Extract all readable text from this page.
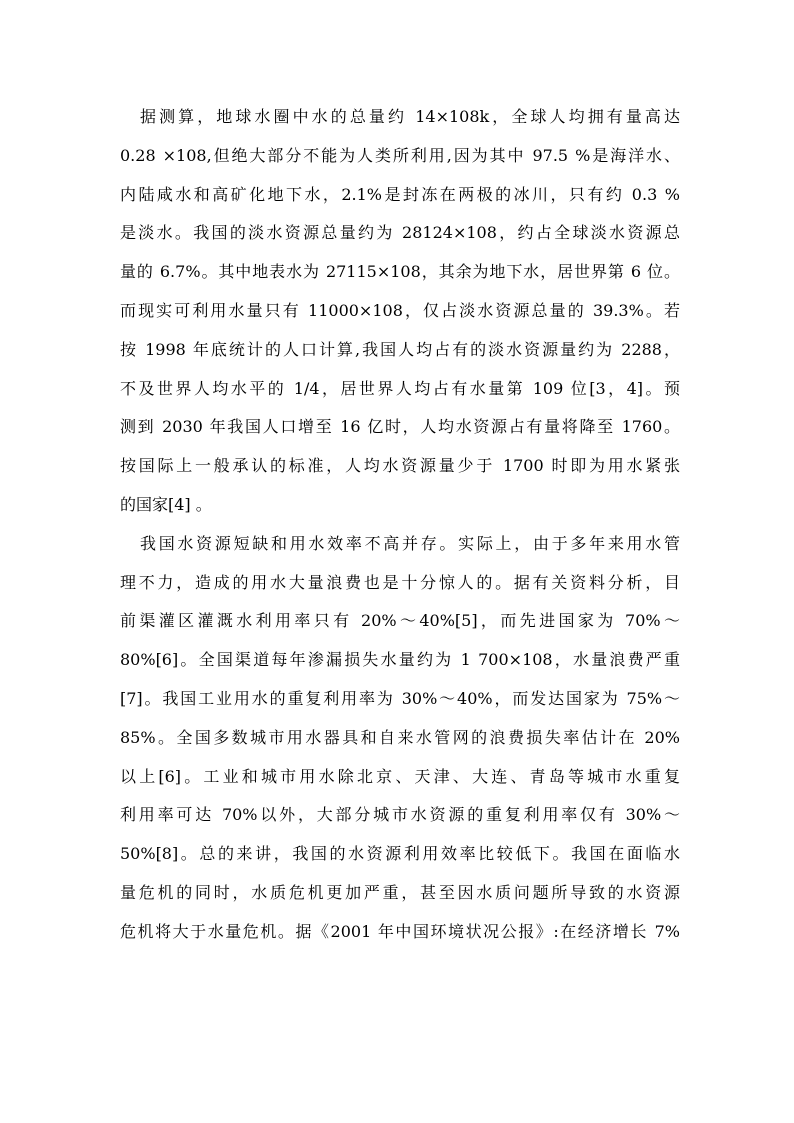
据测算，地球水圈中水的总量约 14×108k，全球人均拥有量高达
0.28 ×108,但绝大部分不能为人类所利用,因为其中 97.5 %是海洋水、
内陆咸水和高矿化地下水，2.1%是封冻在两极的冰川，只有约 0.3 %
是淡水。我国的淡水资源总量约为 28124×108，约占全球淡水资源总
量的 6.7%。其中地表水为 27115×108，其余为地下水，居世界第 6 位。
而现实可利用水量只有 11000×108，仅占淡水资源总量的 39.3%。若
按 1998 年底统计的人口计算,我国人均占有的淡水资源量约为 2288，
不及世界人均水平的 1/4，居世界人均占有水量第 109 位[3，4]。预
测到 2030 年我国人口增至 16 亿时，人均水资源占有量将降至 1760。
按国际上一般承认的标准，人均水资源量少于 1700 时即为用水紧张
的国家[4] 。
我国水资源短缺和用水效率不高并存。实际上，由于多年来用水管
理不力，造成的用水大量浪费也是十分惊人的。据有关资料分析，目
前渠灌区灌溉水利用率只有 20%～40%[5]，而先进国家为 70%～
80%[6]。全国渠道每年渗漏损失水量约为 1 700×108，水量浪费严重
[7]。我国工业用水的重复利用率为 30%～40%，而发达国家为 75%～
85%。全国多数城市用水器具和自来水管网的浪费损失率估计在 20%
以上[6]。工业和城市用水除北京、天津、大连、青岛等城市水重复
利用率可达 70%以外，大部分城市水资源的重复利用率仅有 30%～
50%[8]。总的来讲，我国的水资源利用效率比较低下。我国在面临水
量危机的同时，水质危机更加严重，甚至因水质问题所导致的水资源
危机将大于水量危机。据《2001 年中国环境状况公报》:在经济增长 7%
